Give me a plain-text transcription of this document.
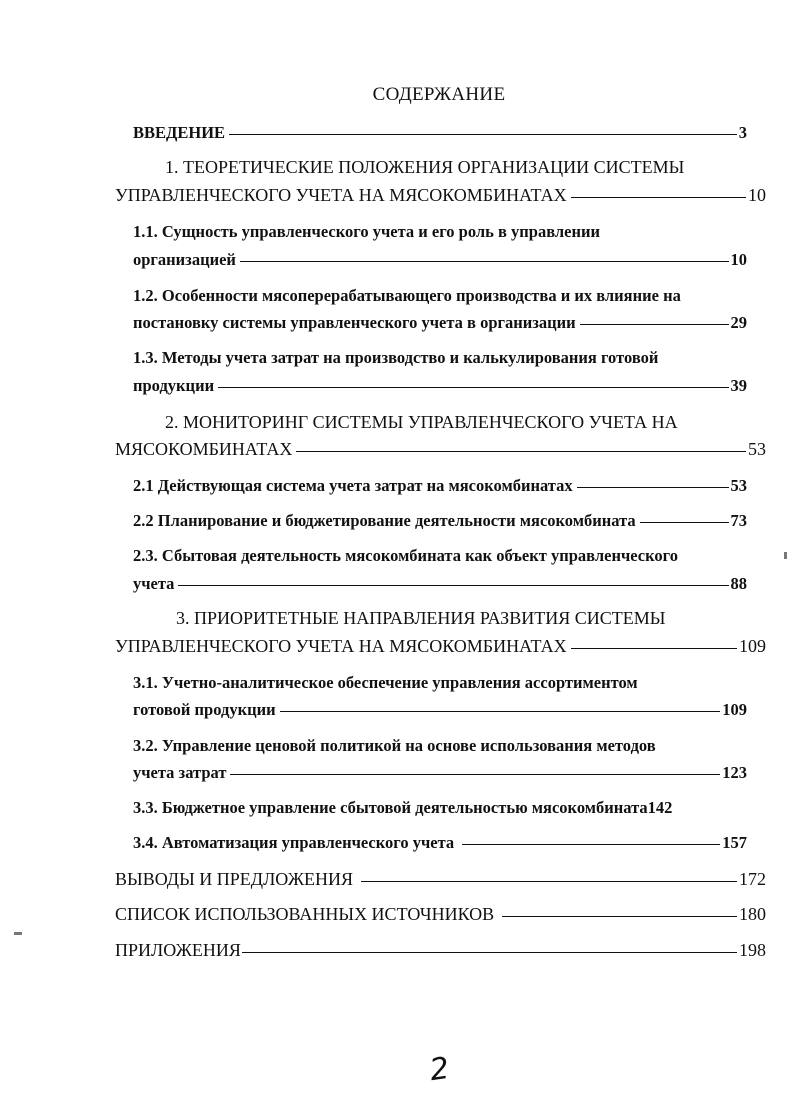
СОДЕРЖАНИЕ
ВВЕДЕНИЕ	3
1. ТЕОРЕТИЧЕСКИЕ ПОЛОЖЕНИЯ ОРГАНИЗАЦИИ СИСТЕМЫ
УПРАВЛЕНЧЕСКОГО УЧЕТА НА МЯСОКОМБИНАТАХ	10
1.1. Сущность управленческого учета и его роль в управлении
организацией	10
1.2. Особенности мясоперерабатывающего производства и их влияние на
постановку системы управленческого учета в организации	29
1.3. Методы учета затрат на производство и калькулирования готовой
продукции	39
2. МОНИТОРИНГ СИСТЕМЫ УПРАВЛЕНЧЕСКОГО УЧЕТА НА
МЯСОКОМБИНАТАХ	53
2.1 Действующая система учета затрат на мясокомбинатах	53
2.2 Планирование и бюджетирование деятельности мясокомбината	73
2.3. Сбытовая деятельность мясокомбината как объект управленческого
учета	88
3. ПРИОРИТЕТНЫЕ НАПРАВЛЕНИЯ РАЗВИТИЯ СИСТЕМЫ
УПРАВЛЕНЧЕСКОГО УЧЕТА НА МЯСОКОМБИНАТАХ	109
3.1. Учетно-аналитическое обеспечение управления ассортиментом
готовой продукции	109
3.2. Управление ценовой политикой на основе использования методов
учета затрат	123
3.3. Бюджетное управление сбытовой деятельностью мясокомбината 142
3.4. Автоматизация управленческого учета	157
ВЫВОДЫ И ПРЕДЛОЖЕНИЯ	172
СПИСОК ИСПОЛЬЗОВАННЫХ ИСТОЧНИКОВ	180
ПРИЛОЖЕНИЯ	198
2
